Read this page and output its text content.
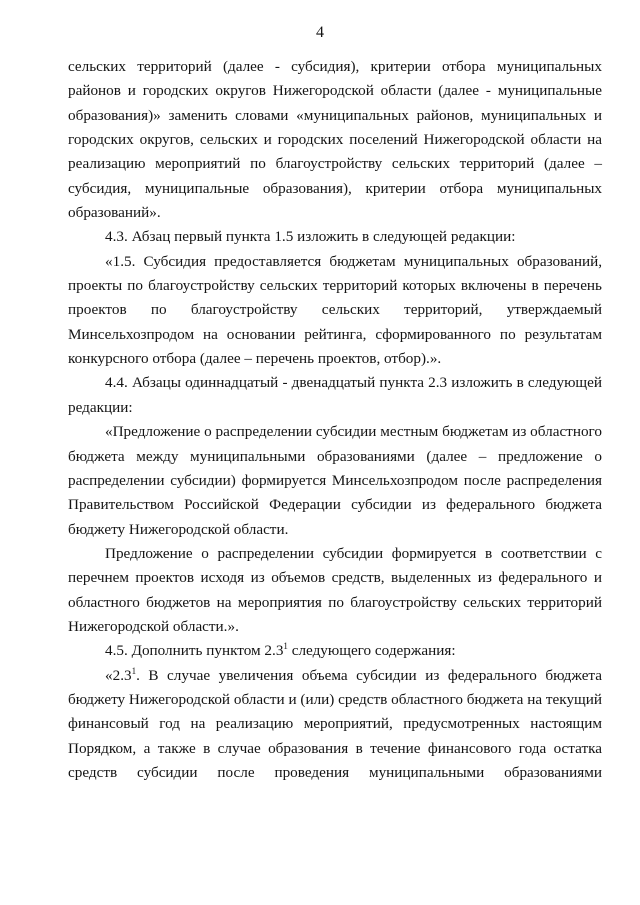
4

сельских территорий (далее - субсидия), критерии отбора муниципальных районов и городских округов Нижегородской области (далее - муниципальные образования)» заменить словами «муниципальных районов, муниципальных и городских округов, сельских и городских поселений Нижегородской области на реализацию мероприятий по благоустройству сельских территорий (далее – субсидия, муниципальные образования), критерии отбора муниципальных образований».

4.3. Абзац первый пункта 1.5 изложить в следующей редакции:

«1.5. Субсидия предоставляется бюджетам муниципальных образований, проекты по благоустройству сельских территорий которых включены в перечень проектов по благоустройству сельских территорий, утверждаемый Минсельхозпродом на основании рейтинга, сформированного по результатам конкурсного отбора (далее – перечень проектов, отбор).».

4.4. Абзацы одиннадцатый - двенадцатый пункта 2.3 изложить в следующей редакции:

«Предложение о распределении субсидии местным бюджетам из областного бюджета между муниципальными образованиями (далее – предложение о распределении субсидии) формируется Минсельхозпродом после распределения Правительством Российской Федерации субсидии из федерального бюджета бюджету Нижегородской области.

Предложение о распределении субсидии формируется в соответствии с перечнем проектов исходя из объемов средств, выделенных из федерального и областного бюджетов на мероприятия по благоустройству сельских территорий Нижегородской области.».

4.5. Дополнить пунктом $2.3^1$ следующего содержания:

«$2.3^1$. В случае увеличения объема субсидии из федерального бюджета бюджету Нижегородской области и (или) средств областного бюджета на текущий финансовый год на реализацию мероприятий, предусмотренных настоящим Порядком, а также в случае образования в течение финансового года остатка средств субсидии после проведения муниципальными образованиями
